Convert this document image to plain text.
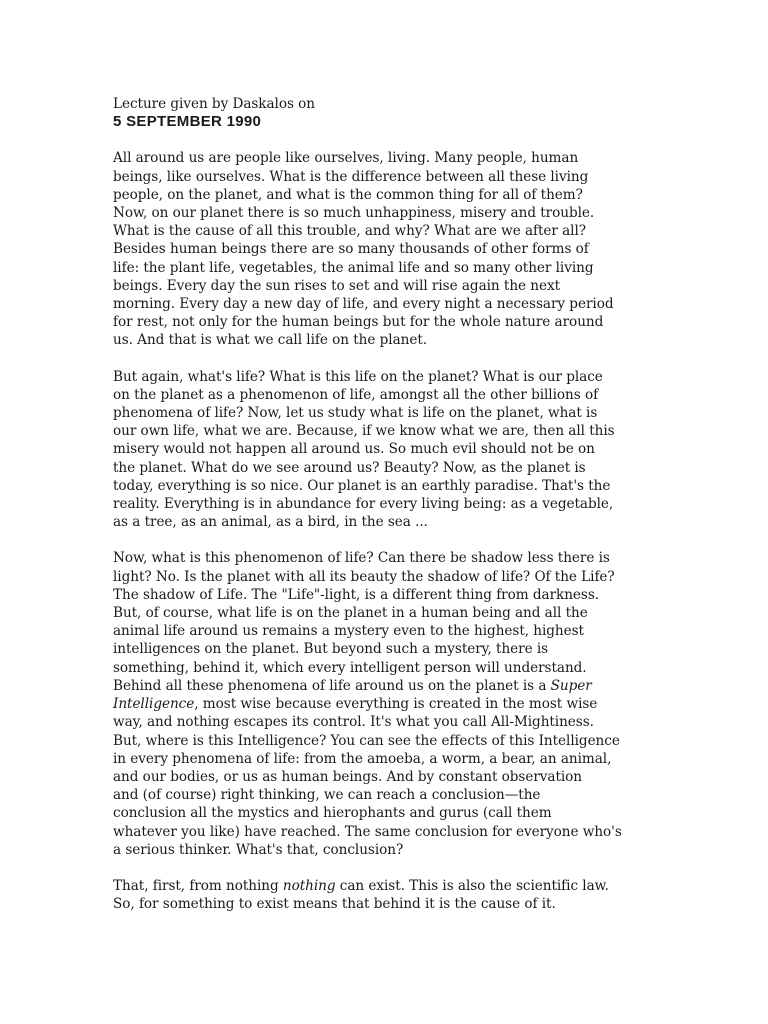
Lecture given by Daskalos on

5 SEPTEMBER 1990

All around us are people like ourselves, living. Many people, human
beings, like ourselves. What is the difference between all these living
people, on the planet, and what is the common thing for all of them?
Now, on our planet there is so much unhappiness, misery and trouble.
What is the cause of all this trouble, and why? What are we after all?
Besides human beings there are so many thousands of other forms of
life: the plant life, vegetables, the animal life and so many other living
beings. Every day the sun rises to set and will rise again the next
morning. Every day a new day of life, and every night a necessary period
for rest, not only for the human beings but for the whole nature around
us. And that is what we call life on the planet.
But again, what's life? What is this life on the planet? What is our place
on the planet as a phenomenon of life, amongst all the other billions of
phenomena of life? Now, let us study what is life on the planet, what is
our own life, what we are. Because, if we know what we are, then all this
misery would not happen all around us. So much evil should not be on
the planet. What do we see around us? Beauty? Now, as the planet is
today, everything is so nice. Our planet is an earthly paradise. That's the
reality. Everything is in abundance for every living being: as a vegetable,
as a tree, as an animal, as a bird, in the sea ...
Now, what is this phenomenon of life? Can there be shadow less there is
light? No. Is the planet with all its beauty the shadow of life? Of the Life?
The shadow of Life. The "Life"-light, is a different thing from darkness.
But, of course, what life is on the planet in a human being and all the
animal life around us remains a mystery even to the highest, highest
intelligences on the planet. But beyond such a mystery, there is
something, behind it, which every intelligent person will understand.
Behind all these phenomena of life around us on the planet is a Super
Intelligence, most wise because everything is created in the most wise
way, and nothing escapes its control. It's what you call All-Mightiness.
But, where is this Intelligence? You can see the effects of this Intelligence
in every phenomena of life: from the amoeba, a worm, a bear, an animal,
and our bodies, or us as human beings. And by constant observation
and (of course) right thinking, we can reach a conclusion—the
conclusion all the mystics and hierophants and gurus (call them
whatever you like) have reached. The same conclusion for everyone who's
a serious thinker. What's that, conclusion?
That, first, from nothing nothing can exist. This is also the scientific law.
So, for something to exist means that behind it is the cause of it.
